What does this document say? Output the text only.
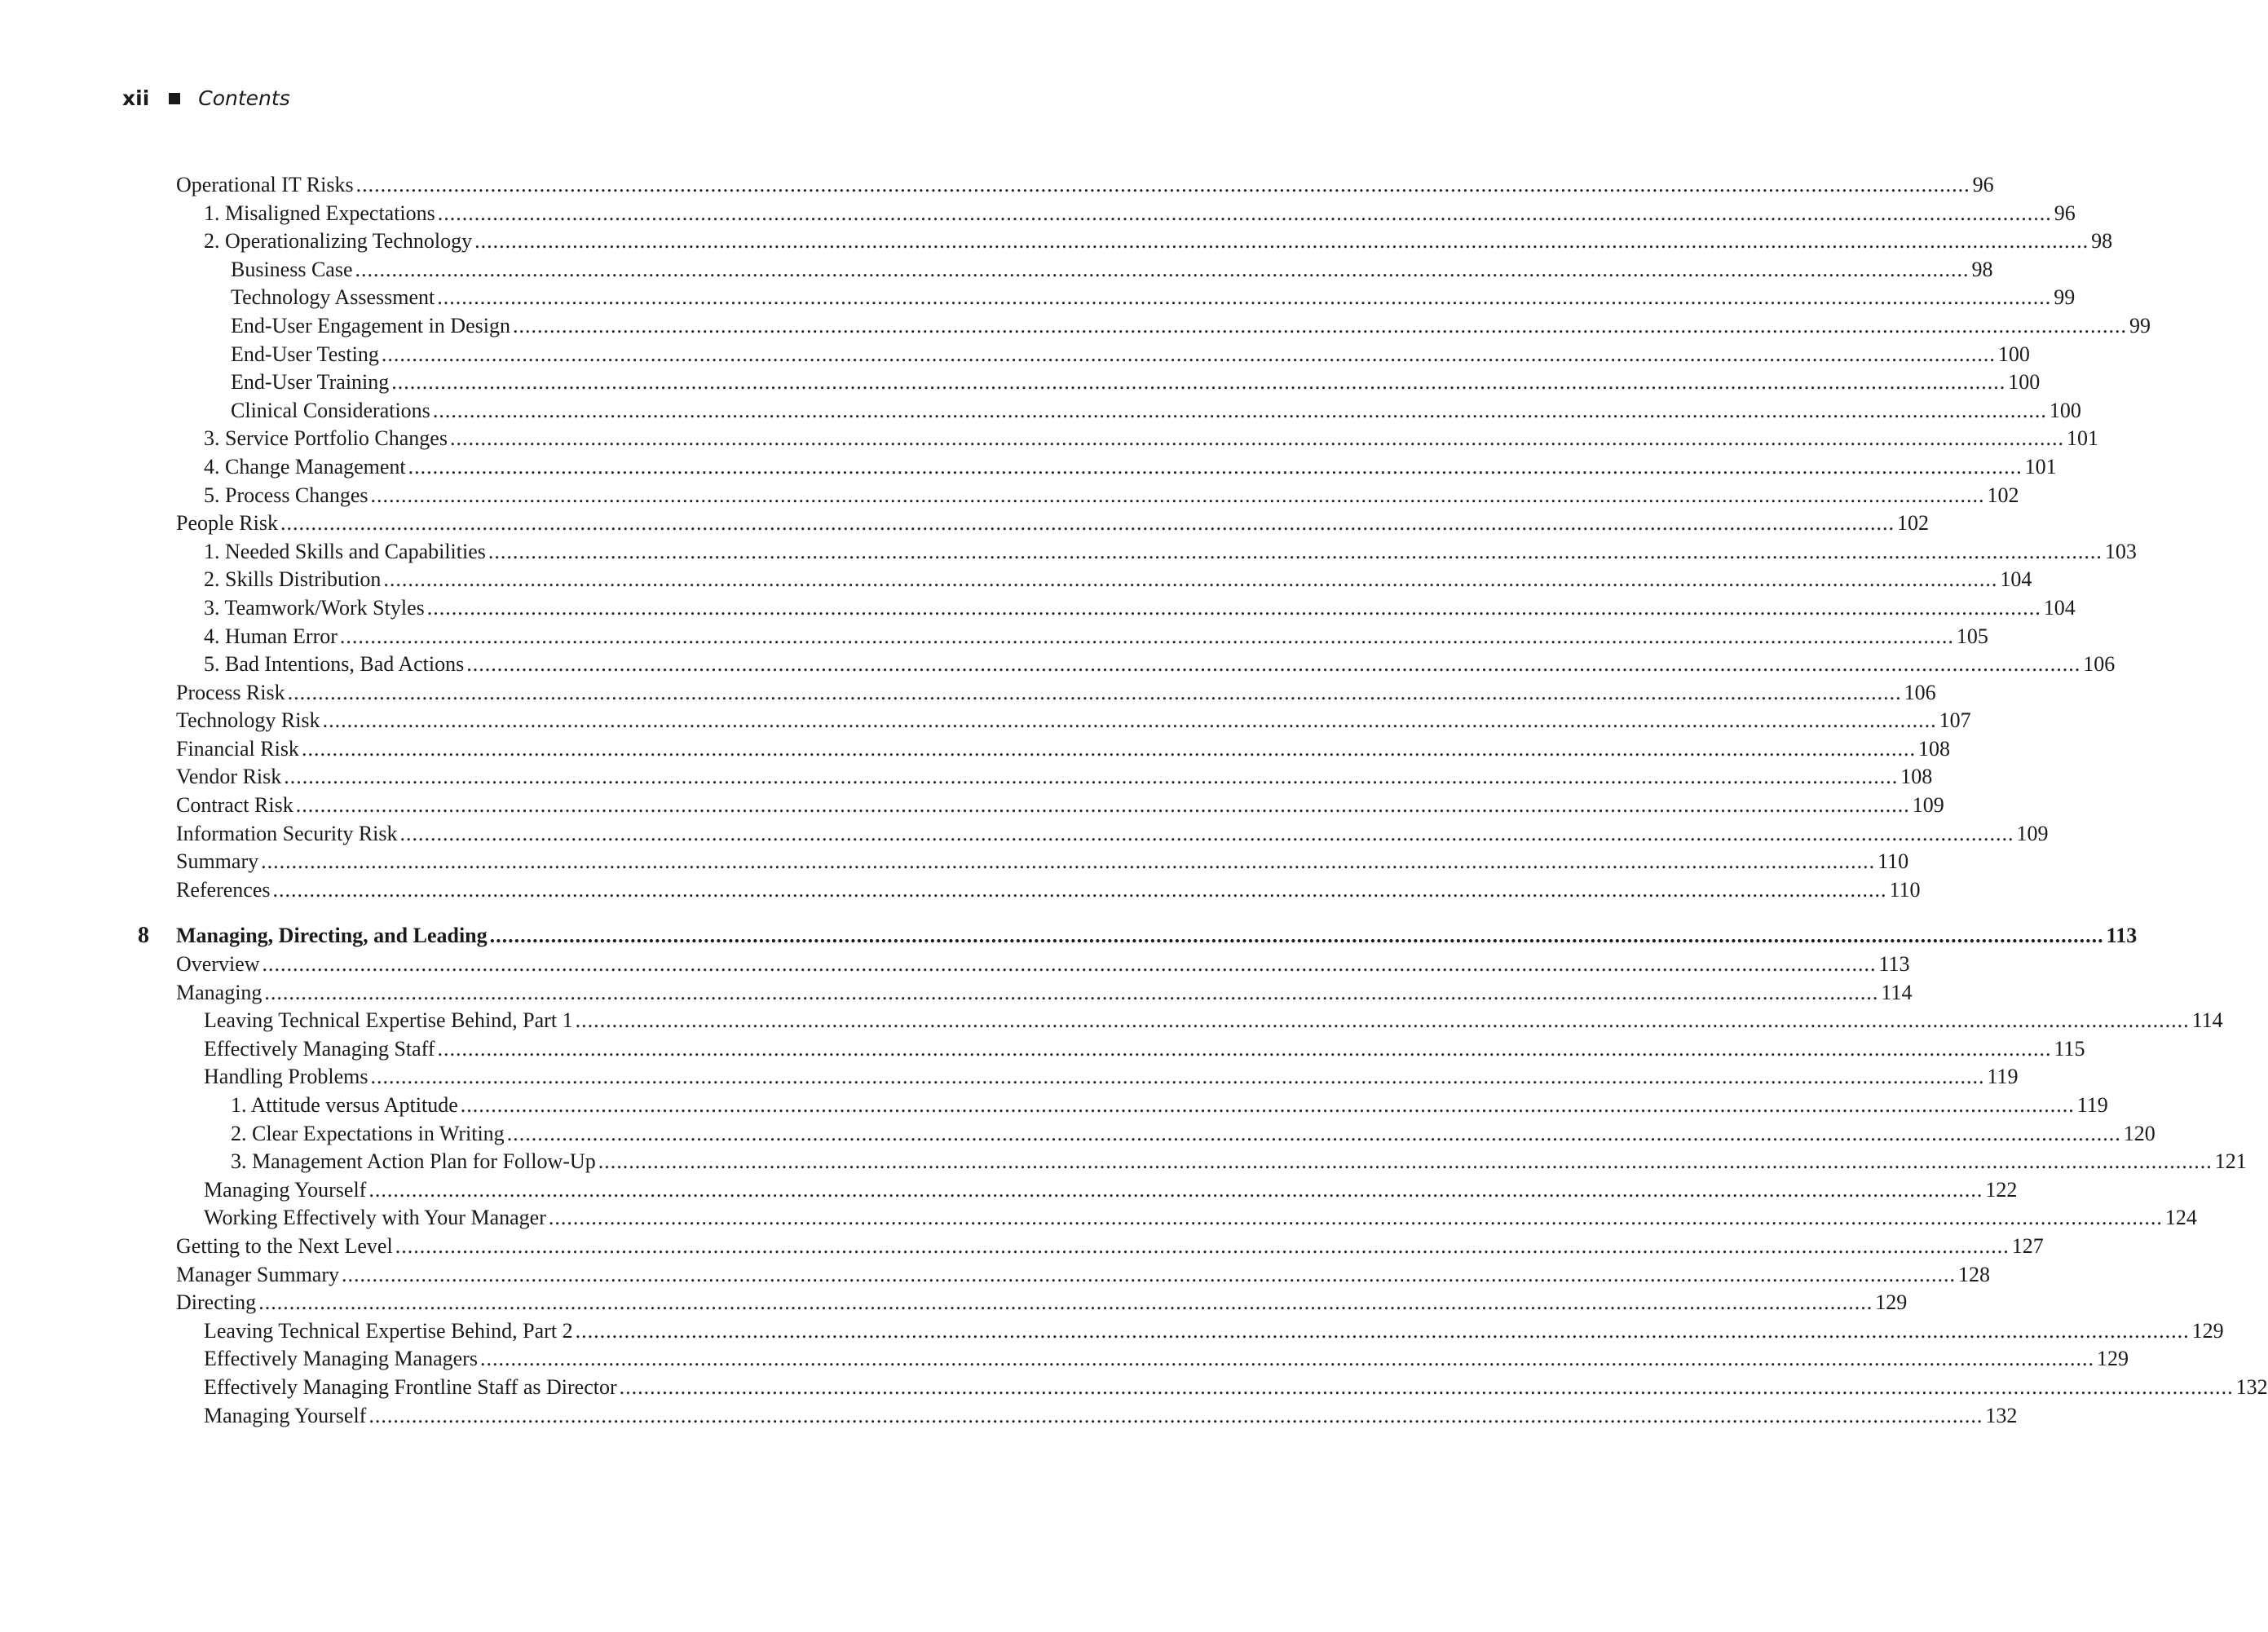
xii Contents
Operational IT Risks .....	96
1. Misaligned Expectations .....	96
2. Operationalizing Technology .....	98
Business Case .....	98
Technology Assessment .....	99
End-User Engagement in Design .....	99
End-User Testing .....	100
End-User Training .....	100
Clinical Considerations .....	100
3. Service Portfolio Changes .....	101
4. Change Management .....	101
5. Process Changes .....	102
People Risk .....	102
1. Needed Skills and Capabilities .....	103
2. Skills Distribution .....	104
3. Teamwork/Work Styles .....	104
4. Human Error .....	105
5. Bad Intentions, Bad Actions .....	106
Process Risk .....	106
Technology Risk .....	107
Financial Risk .....	108
Vendor Risk .....	108
Contract Risk .....	109
Information Security Risk .....	109
Summary .....	110
References .....	110
8 Managing, Directing, and Leading .....	113
Overview .....	113
Managing .....	114
Leaving Technical Expertise Behind, Part 1 .....	114
Effectively Managing Staff .....	115
Handling Problems .....	119
1. Attitude versus Aptitude .....	119
2. Clear Expectations in Writing .....	120
3. Management Action Plan for Follow-Up .....	121
Managing Yourself .....	122
Working Effectively with Your Manager .....	124
Getting to the Next Level .....	127
Manager Summary .....	128
Directing .....	129
Leaving Technical Expertise Behind, Part 2 .....	129
Effectively Managing Managers .....	129
Effectively Managing Frontline Staff as Director .....	132
Managing Yourself .....	132
